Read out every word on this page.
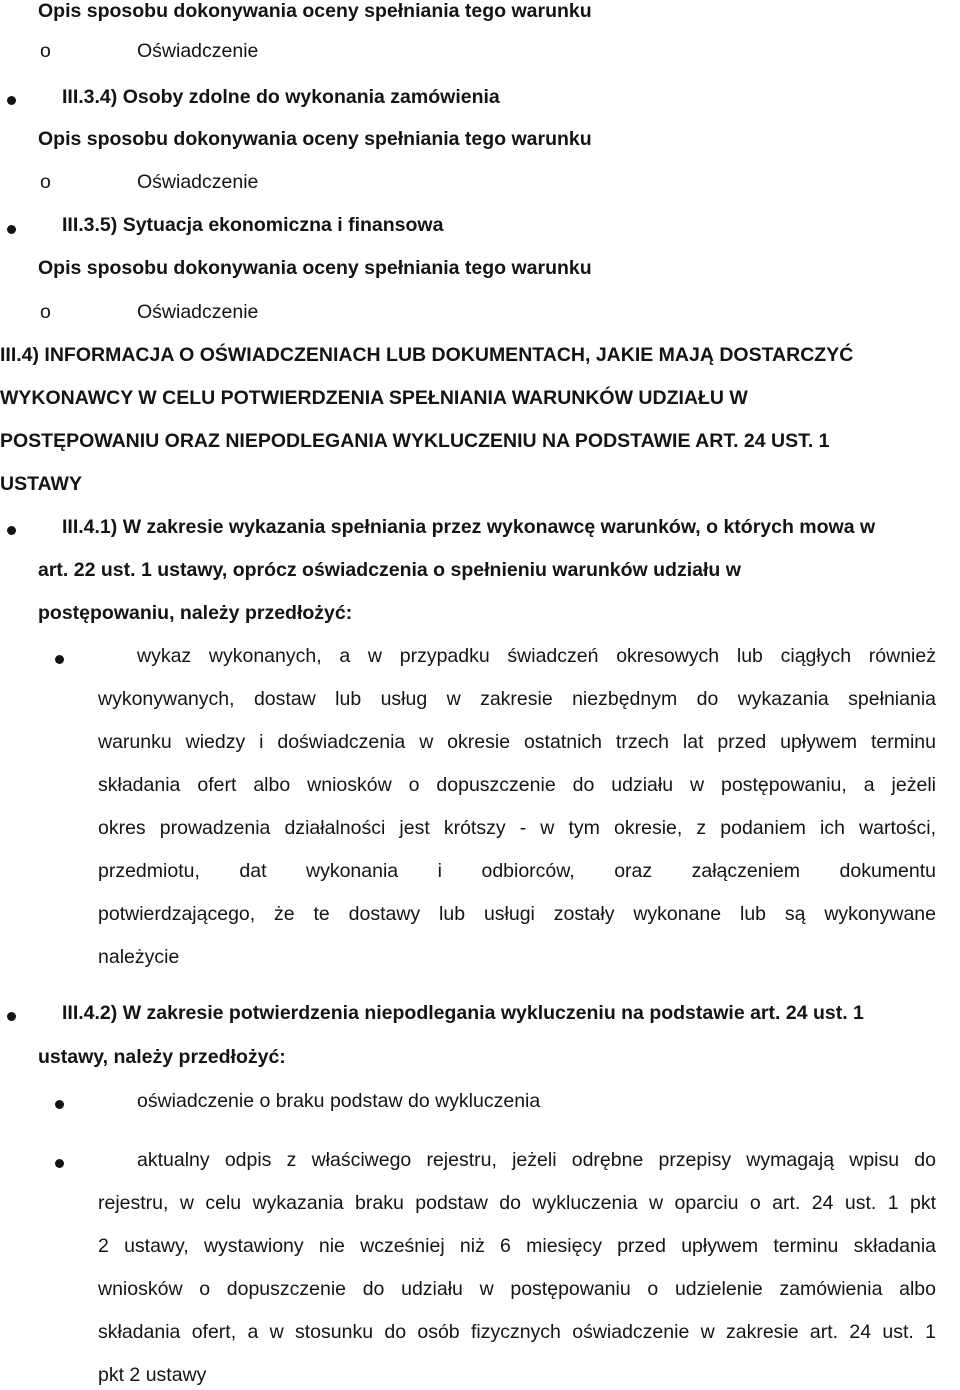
Opis sposobu dokonywania oceny spełniania tego warunku
o	Oświadczenie
III.3.4) Osoby zdolne do wykonania zamówienia
Opis sposobu dokonywania oceny spełniania tego warunku
o	Oświadczenie
III.3.5) Sytuacja ekonomiczna i finansowa
Opis sposobu dokonywania oceny spełniania tego warunku
o	Oświadczenie
III.4) INFORMACJA O OŚWIADCZENIACH LUB DOKUMENTACH, JAKIE MAJĄ DOSTARCZYĆ
WYKONAWCY W CELU POTWIERDZENIA SPEŁNIANIA WARUNKÓW UDZIAŁU W
POSTĘPOWANIU ORAZ NIEPODLEGANIA WYKLUCZENIU NA PODSTAWIE ART. 24 UST. 1
USTAWY
III.4.1) W zakresie wykazania spełniania przez wykonawcę warunków, o których mowa w
art. 22 ust. 1 ustawy, oprócz oświadczenia o spełnieniu warunków udziału w
postępowaniu, należy przedłożyć:
wykaz wykonanych, a w przypadku świadczeń okresowych lub ciągłych również
wykonywanych, dostaw lub usług w zakresie niezbędnym do wykazania spełniania
warunku wiedzy i doświadczenia w okresie ostatnich trzech lat przed upływem terminu
składania ofert albo wniosków o dopuszczenie do udziału w postępowaniu, a jeżeli
okres prowadzenia działalności jest krótszy - w tym okresie, z podaniem ich wartości,
przedmiotu, dat wykonania i odbiorców, oraz załączeniem dokumentu
potwierdzającego, że te dostawy lub usługi zostały wykonane lub są wykonywane
należycie
III.4.2) W zakresie potwierdzenia niepodlegania wykluczeniu na podstawie art. 24 ust. 1
ustawy, należy przedłożyć:
oświadczenie o braku podstaw do wykluczenia
aktualny odpis z właściwego rejestru, jeżeli odrębne przepisy wymagają wpisu do
rejestru, w celu wykazania braku podstaw do wykluczenia w oparciu o art. 24 ust. 1 pkt
2 ustawy, wystawiony nie wcześniej niż 6 miesięcy przed upływem terminu składania
wniosków o dopuszczenie do udziału w postępowaniu o udzielenie zamówienia albo
składania ofert, a w stosunku do osób fizycznych oświadczenie w zakresie art. 24 ust. 1
pkt 2 ustawy
